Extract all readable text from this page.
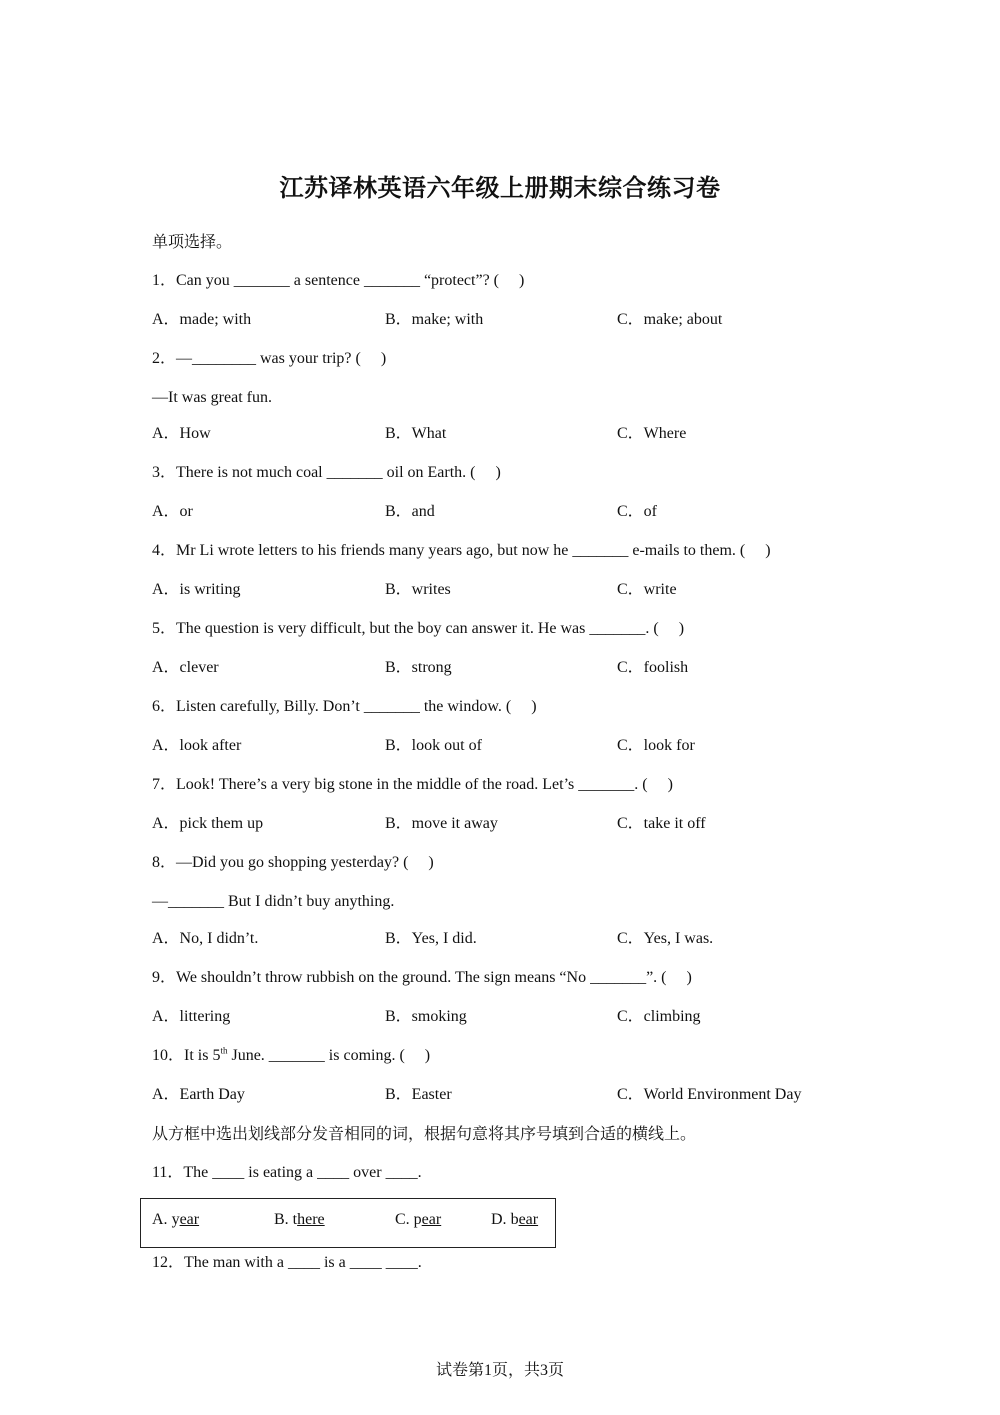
江苏译林英语六年级上册期末综合练习卷
单项选择。
1．Can you _______ a sentence _______ “protect”? (　 )
A．made; with	B．make; with	C．make; about
2．—________ was your trip? (　 )
—It was great fun.
A．How	B．What	C．Where
3．There is not much coal _______ oil on Earth. (　 )
A．or	B．and	C．of
4．Mr Li wrote letters to his friends many years ago, but now he _______ e-mails to them. (　 )
A．is writing	B．writes	C．write
5．The question is very difficult, but the boy can answer it. He was _______. (　 )
A．clever	B．strong	C．foolish
6．Listen carefully, Billy. Don’t _______ the window. (　 )
A．look after	B．look out of	C．look for
7．Look! There’s a very big stone in the middle of the road. Let’s _______. (　 )
A．pick them up	B．move it away	C．take it off
8．—Did you go shopping yesterday? (　 )
—_______ But I didn’t buy anything.
A．No, I didn’t.	B．Yes, I did.	C．Yes, I was.
9．We shouldn’t throw rubbish on the ground. The sign means “No _______”. (　 )
A．littering	B．smoking	C．climbing
10．It is 5th June. _______ is coming. (　 )
A．Earth Day	B．Easter	C．World Environment Day
从方框中选出划线部分发音相同的词，根据句意将其序号填到合适的横线上。
11．The ____ is eating a ____ over ____.
A. year	B. there	C. pear	D. bear
12．The man with a ____ is a ____ ____.
试卷第1页，共3页
